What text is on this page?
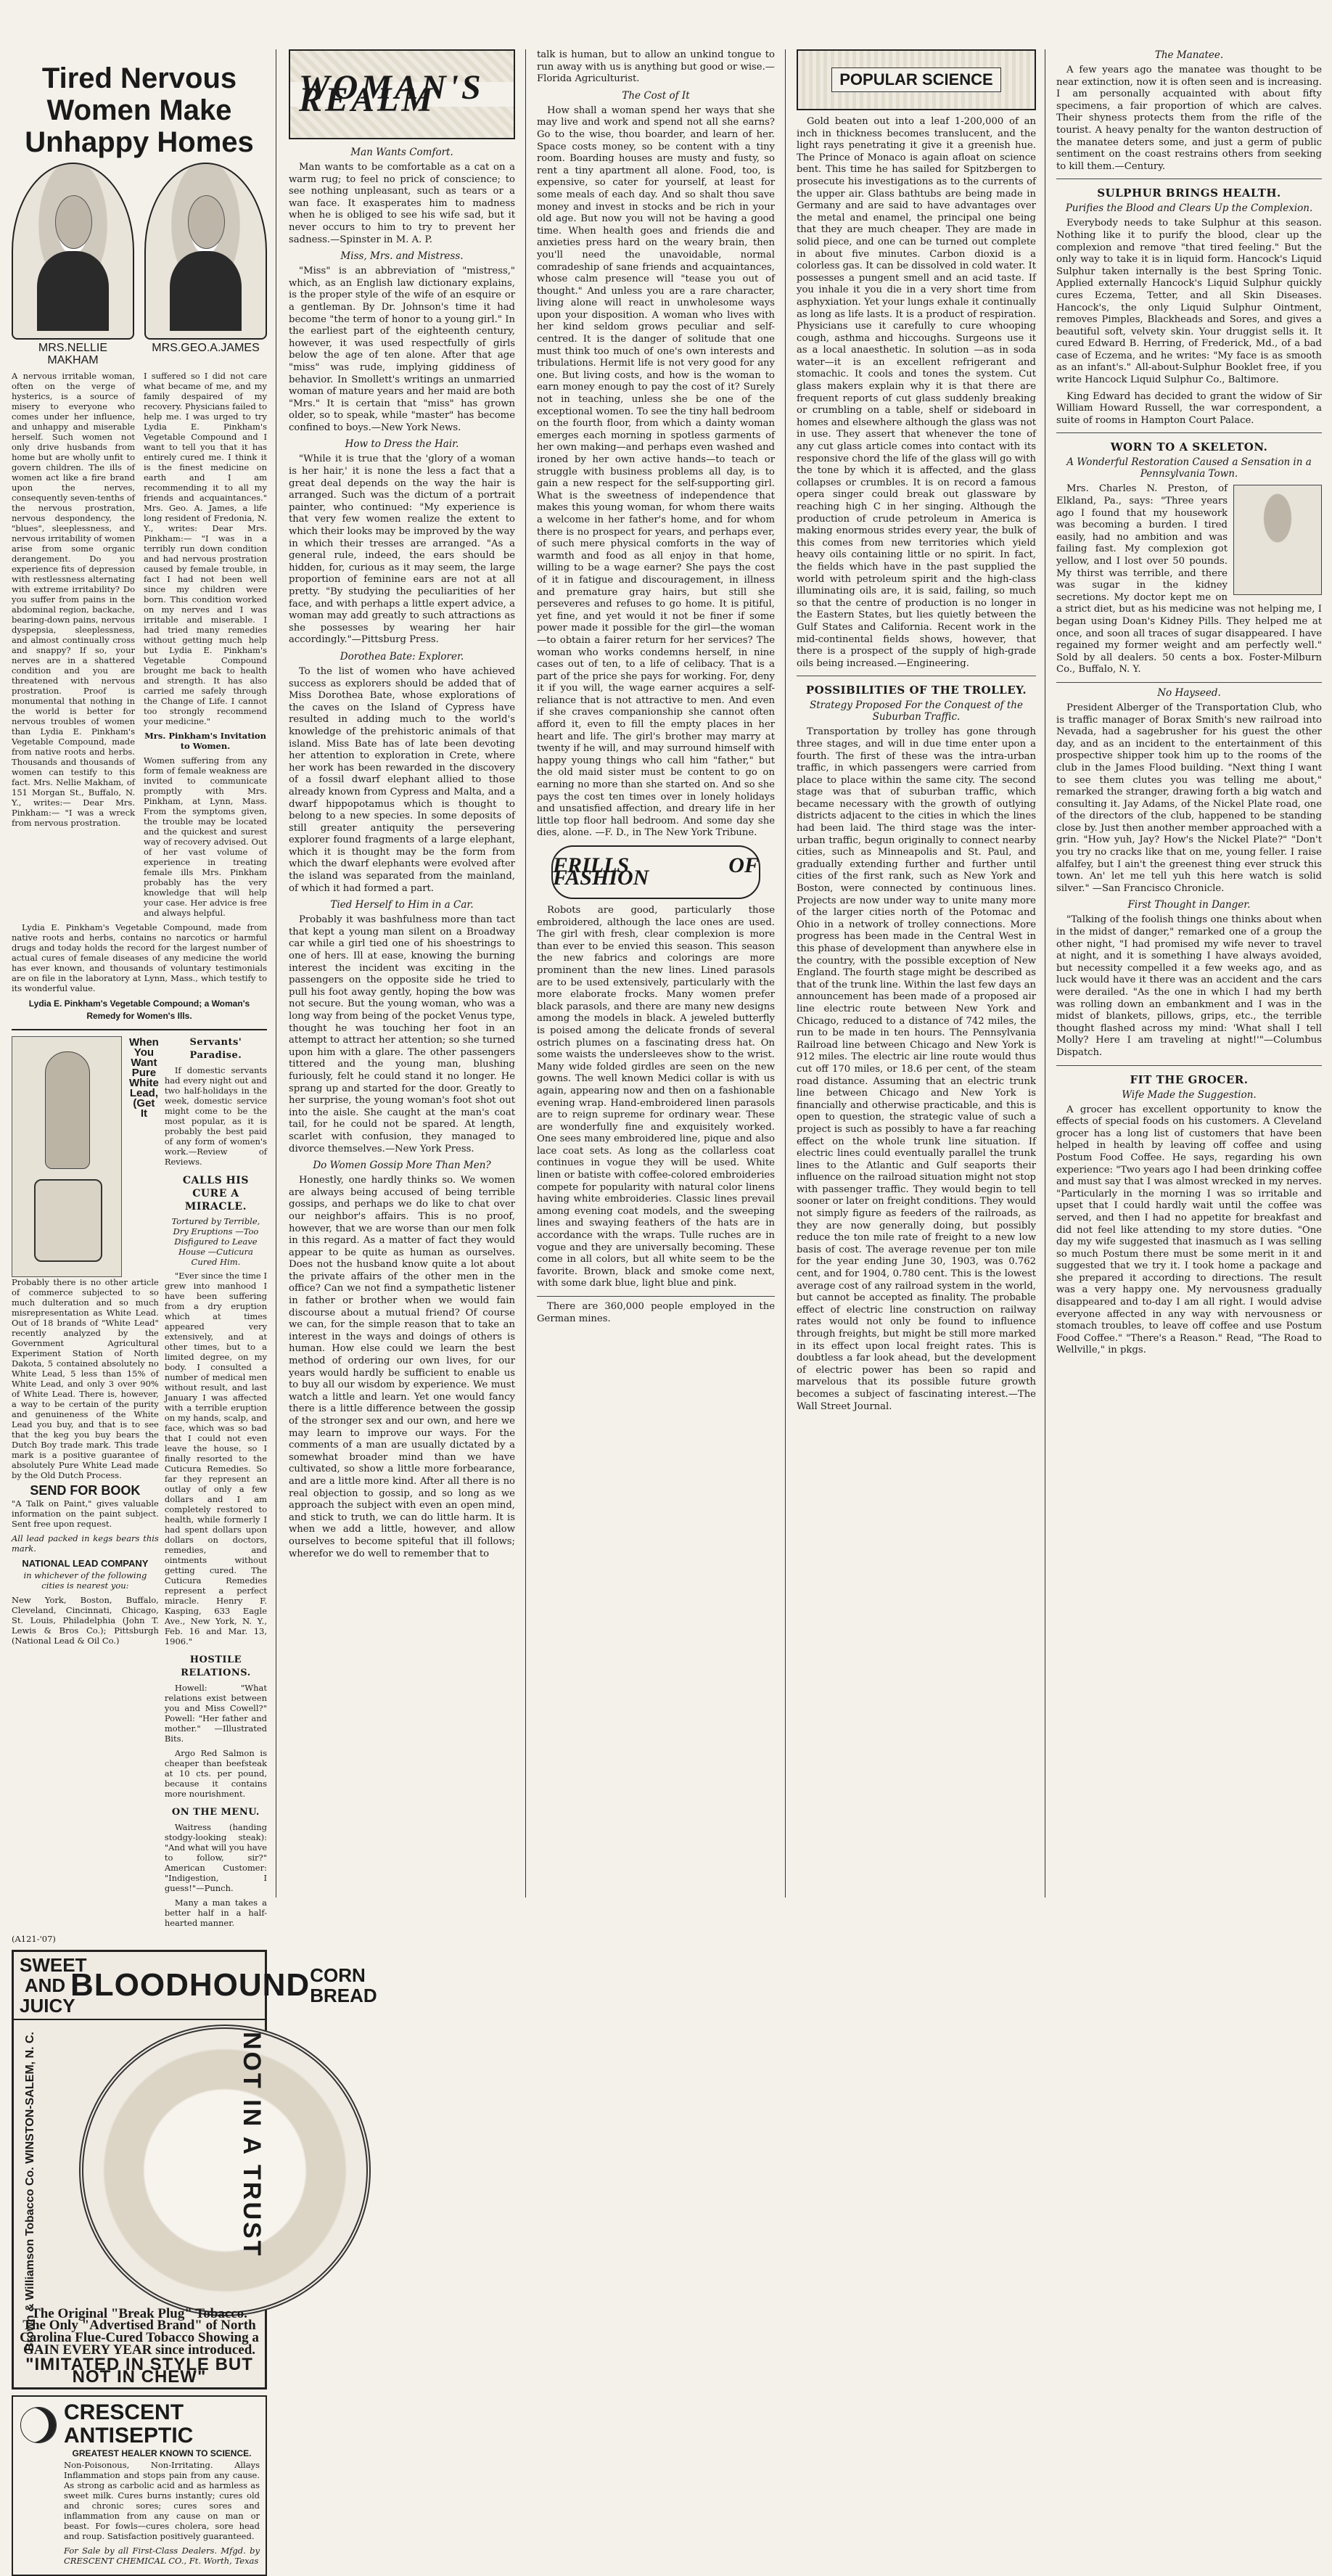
Tired Nervous Women Make Unhappy Homes
MRS.NELLIE MAKHAM
MRS.GEO.A.JAMES

A nervous irritable woman, often on the verge of hysterics, is a source of misery to everyone who comes under her influence, and unhappy and miserable herself. Such women not only drive husbands from home but are wholly unfit to govern children. The ills of women act like a fire brand upon the nerves, consequently seven-tenths of the nervous prostration, nervous despondency, the "blues", sleeplessness, and nervous irritability of women arise from some organic derangement. Do you experience fits of depression with restlessness alternating with extreme irritability? Do you suffer from pains in the abdominal region, backache, bearing-down pains, nervous dyspepsia, sleeplessness, and almost continually cross and snappy? If so, your nerves are in a shattered condition and you are threatened with nervous prostration. Proof is monumental that nothing in the world is better for nervous troubles of women than Lydia E. Pinkham's Vegetable Compound, made from native roots and herbs. Thousands and thousands of women can testify to this fact. Mrs. Nellie Makham, of 151 Morgan St., Buffalo, N. Y., writes:— Dear Mrs. Pinkham:— "I was a wreck from nervous prostration.

I suffered so I did not care what became of me, and my family despaired of my recovery. Physicians failed to help me. I was urged to try Lydia E. Pinkham's Vegetable Compound and I want to tell you that it has entirely cured me. I think it is the finest medicine on earth and I am recommending it to all my friends and acquaintances." Mrs. Geo. A. James, a life long resident of Fredonia, N. Y., writes: Dear Mrs. Pinkham:— "I was in a terribly run down condition and had nervous prostration caused by female trouble, in fact I had not been well since my children were born. This condition worked on my nerves and I was irritable and miserable. I had tried many remedies without getting much help but Lydia E. Pinkham's Vegetable Compound brought me back to health and strength. It has also carried me safely through the Change of Life. I cannot too strongly recommend your medicine."

Mrs. Pinkham's Invitation to Women.

Women suffering from any form of female weakness are invited to communicate promptly with Mrs. Pinkham, at Lynn, Mass. From the symptoms given, the trouble may be located and the quickest and surest way of recovery advised. Out of her vast volume of experience in treating female ills Mrs. Pinkham probably has the very knowledge that will help your case. Her advice is free and always helpful.

Lydia E. Pinkham's Vegetable Compound, made from native roots and herbs, contains no narcotics or harmful drugs and today holds the record for the largest number of actual cures of female diseases of any medicine the world has ever known, and thousands of voluntary testimonials are on file in the laboratory at Lynn, Mass., which testify to its wonderful value.

Lydia E. Pinkham's Vegetable Compound; a Woman's Remedy for Women's Ills.

When You Want Pure White Lead, (Get It

Probably there is no other article of commerce subjected to so much dulteration and so much misrepresentation as White Lead. Out of 18 brands of "White Lead" recently analyzed by the Government Agricultural Experiment Station of North Dakota, 5 contained absolutely no White Lead, 5 less than 15% of White Lead, and only 3 over 90% of White Lead. There is, however, a way to be certain of the purity and genuineness of the White Lead you buy, and that is to see that the keg you buy bears the Dutch Boy trade mark. This trade mark is a positive guarantee of absolutely Pure White Lead made by the Old Dutch Process.

SEND FOR BOOK

"A Talk on Paint," gives valuable information on the paint subject. Sent free upon request.

All lead packed in kegs bears this mark.

NATIONAL LEAD COMPANY

in whichever of the following cities is nearest you:

New York, Boston, Buffalo, Cleveland, Cincinnati, Chicago, St. Louis, Philadelphia (John T. Lewis & Bros Co.); Pittsburgh (National Lead & Oil Co.)

Servants' Paradise.

If domestic servants had every night out and two half-holidays in the week, domestic service might come to be the most popular, as it is probably the best paid of any form of women's work.—Review of Reviews.

CALLS HIS CURE A MIRACLE.
Tortured by Terrible, Dry Eruptions —Too Disfigured to Leave House —Cuticura Cured Him.

"Ever since the time I grew into manhood I have been suffering from a dry eruption which at times appeared very extensively, and at other times, but to a limited degree, on my body. I consulted a number of medical men without result, and last January I was affected with a terrible eruption on my hands, scalp, and face, which was so bad that I could not even leave the house, so I finally resorted to the Cuticura Remedies. So far they represent an outlay of only a few dollars and I am completely restored to health, while formerly I had spent dollars upon dollars on doctors, remedies, and ointments without getting cured. The Cuticura Remedies represent a perfect miracle. Henry F. Kasping, 633 Eagle Ave., New York, N. Y., Feb. 16 and Mar. 13, 1906."

HOSTILE RELATIONS.

Howell: "What relations exist between you and Miss Cowell?" Powell: "Her father and mother." —Illustrated Bits.

Argo Red Salmon is cheaper than beefsteak at 10 cts. per pound, because it contains more nourishment.

ON THE MENU.

Waitress (handing stodgy-looking steak): "And what will you have to follow, sir?" American Customer: "Indigestion, I guess!"—Punch.

Many a man takes a better half in a half-hearted manner.

(A121-'07)
SWEET AND JUICY
BLOODHOUND CORN BREAD
Brown & Williamson Tobacco Co. WINSTON-SALEM, N. C.	NOT IN A TRUST
The Original "Break Plug" Tobacco. The Only "Advertised Brand" of North Carolina Flue-Cured Tobacco Showing a GAIN EVERY YEAR since introduced.
"IMITATED IN STYLE BUT NOT IN CHEW"
CRESCENT ANTISEPTIC
GREATEST HEALER KNOWN TO SCIENCE.

Non-Poisonous, Non-Irritating. Allays Inflammation and stops pain from any cause. As strong as carbolic acid and as harmless as sweet milk. Cures burns instantly; cures old and chronic sores; cures sores and inflammation from any cause on man or beast. For fowls—cures cholera, sore head and roup. Satisfaction positively guaranteed.

For Sale by all First-Class Dealers. Mfgd. by CRESCENT CHEMICAL CO., Ft. Worth, Texas

WOMAN'S REALM
Man Wants Comfort.

Man wants to be comfortable as a cat on a warm rug; to feel no prick of conscience; to see nothing unpleasant, such as tears or a wan face. It exasperates him to madness when he is obliged to see his wife sad, but it never occurs to him to try to prevent her sadness.—Spinster in M. A. P.

Miss, Mrs. and Mistress.

"Miss" is an abbreviation of "mistress," which, as an English law dictionary explains, is the proper style of the wife of an esquire or a gentleman. By Dr. Johnson's time it had become "the term of honor to a young girl." In the earliest part of the eighteenth century, however, it was used respectfully of girls below the age of ten alone. After that age "miss" was rude, implying giddiness of behavior. In Smollett's writings an unmarried woman of mature years and her maid are both "Mrs." It is certain that "miss" has grown older, so to speak, while "master" has become confined to boys.—New York News.

How to Dress the Hair.

"While it is true that the 'glory of a woman is her hair,' it is none the less a fact that a great deal depends on the way the hair is arranged. Such was the dictum of a portrait painter, who continued: "My experience is that very few women realize the extent to which their looks may be improved by the way in which their tresses are arranged. "As a general rule, indeed, the ears should be hidden, for, curious as it may seem, the large proportion of feminine ears are not at all pretty. "By studying the peculiarities of her face, and with perhaps a little expert advice, a woman may add greatly to such attractions as she possesses by wearing her hair accordingly."—Pittsburg Press.

Dorothea Bate: Explorer.

To the list of women who have achieved success as explorers should be added that of Miss Dorothea Bate, whose explorations of the caves on the Island of Cypress have resulted in adding much to the world's knowledge of the prehistoric animals of that island. Miss Bate has of late been devoting her attention to exploration in Crete, where her work has been rewarded in the discovery of a fossil dwarf elephant allied to those already known from Cypress and Malta, and a dwarf hippopotamus which is thought to belong to a new species. In some deposits of still greater antiquity the persevering explorer found fragments of a large elephant, which it is thought may be the form from which the dwarf elephants were evolved after the island was separated from the mainland, of which it had formed a part.

Tied Herself to Him in a Car.

Probably it was bashfulness more than tact that kept a young man silent on a Broadway car while a girl tied one of his shoestrings to one of hers. Ill at ease, knowing the burning interest the incident was exciting in the passengers on the opposite side he tried to pull his foot away gently, hoping the bow was not secure. But the young woman, who was a long way from being of the pocket Venus type, thought he was touching her foot in an attempt to attract her attention; so she turned upon him with a glare. The other passengers tittered and the young man, blushing furiously, felt he could stand it no longer. He sprang up and started for the door. Greatly to her surprise, the young woman's foot shot out into the aisle. She caught at the man's coat tail, for he could not be spared. At length, scarlet with confusion, they managed to divorce themselves.—New York Press.

Do Women Gossip More Than Men?

Honestly, one hardly thinks so. We women are always being accused of being terrible gossips, and perhaps we do like to chat over our neighbor's affairs. This is no proof, however, that we are worse than our men folk in this regard. As a matter of fact they would appear to be quite as human as ourselves. Does not the husband know quite a lot about the private affairs of the other men in the office? Can we not find a sympathetic listener in father or brother when we would fain discourse about a mutual friend? Of course we can, for the simple reason that to take an interest in the ways and doings of others is human. How else could we learn the best method of ordering our own lives, for our years would hardly be sufficient to enable us to buy all our wisdom by experience. We must watch a little and learn. Yet one would fancy there is a little difference between the gossip of the stronger sex and our own, and here we may learn to improve our ways. For the comments of a man are usually dictated by a somewhat broader mind than we have cultivated, so show a little more forbearance, and are a little more kind. After all there is no real objection to gossip, and so long as we approach the subject with even an open mind, and stick to truth, we can do little harm. It is when we add a little, however, and allow ourselves to become spiteful that ill follows; wherefor we do well to remember that to

talk is human, but to allow an unkind tongue to run away with us is anything but good or wise.—Florida Agriculturist.

The Cost of It

How shall a woman spend her ways that she may live and work and spend not all she earns? Go to the wise, thou boarder, and learn of her. Space costs money, so be content with a tiny room. Boarding houses are musty and fusty, so rent a tiny apartment all alone. Food, too, is expensive, so cater for yourself, at least for some meals of each day. And so shalt thou save money and invest in stocks and be rich in your old age. But now you will not be having a good time. When health goes and friends die and anxieties press hard on the weary brain, then you'll need the unavoidable, normal comradeship of sane friends and acquaintances, whose calm presence will "tease you out of thought." And unless you are a rare character, living alone will react in unwholesome ways upon your disposition. A woman who lives with her kind seldom grows peculiar and self-centred. It is the danger of solitude that one must think too much of one's own interests and tribulations. Hermit life is not very good for any one. But living costs, and how is the woman to earn money enough to pay the cost of it? Surely not in teaching, unless she be one of the exceptional women. To see the tiny hall bedroom on the fourth floor, from which a dainty woman emerges each morning in spotless garments of her own making—and perhaps even washed and ironed by her own active hands—to teach or struggle with business problems all day, is to gain a new respect for the self-supporting girl. What is the sweetness of independence that makes this young woman, for whom there waits a welcome in her father's home, and for whom there is no prospect for years, and perhaps ever, of such mere physical comforts in the way of warmth and food as all enjoy in that home, willing to be a wage earner? She pays the cost of it in fatigue and discouragement, in illness and premature gray hairs, but still she perseveres and refuses to go home. It is pitiful, yet fine, and yet would it not be finer if some power made it possible for the girl—the woman—to obtain a fairer return for her services? The woman who works condemns herself, in nine cases out of ten, to a life of celibacy. That is a part of the price she pays for working. For, deny it if you will, the wage earner acquires a self-reliance that is not attractive to men. And even if she craves companionship she cannot often afford it, even to fill the empty places in her heart and life. The girl's brother may marry at twenty if he will, and may surround himself with happy young things who call him "father," but the old maid sister must be content to go on earning no more than she started on. And so she pays the cost ten times over in lonely holidays and unsatisfied affection, and dreary life in her little top floor hall bedroom. And some day she dies, alone. —F. D., in The New York Tribune.

FRILLS OF FASHION

Robots are good, particularly those embroidered, although the lace ones are used. The girl with fresh, clear complexion is more than ever to be envied this season. This season the new fabrics and colorings are more prominent than the new lines. Lined parasols are to be used extensively, particularly with the more elaborate frocks. Many women prefer black parasols, and there are many new designs among the models in black. A jeweled butterfly is poised among the delicate fronds of several ostrich plumes on a fascinating dress hat. On some waists the undersleeves show to the wrist. Many wide folded girdles are seen on the new gowns. The well known Medici collar is with us again, appearing now and then on a fashionable evening wrap. Hand-embroidered linen parasols are to reign supreme for ordinary wear. These are wonderfully fine and exquisitely worked. One sees many embroidered line, pique and also lace coat sets. As long as the collarless coat continues in vogue they will be used. White linen or batiste with coffee-colored embroideries compete for popularity with natural color linens having white embroideries. Classic lines prevail among evening coat models, and the sweeping lines and swaying feathers of the hats are in accordance with the wraps. Tulle ruches are in vogue and they are universally becoming. These come in all colors, but all white seem to be the favorite. Brown, black and smoke come next, with some dark blue, light blue and pink.

There are 360,000 people employed in the German mines.

POPULAR SCIENCE

Gold beaten out into a leaf 1-200,000 of an inch in thickness becomes translucent, and the light rays penetrating it give it a greenish hue. The Prince of Monaco is again afloat on science bent. This time he has sailed for Spitzbergen to prosecute his investigations as to the currents of the upper air. Glass bathtubs are being made in Germany and are said to have advantages over the metal and enamel, the principal one being that they are much cheaper. They are made in solid piece, and one can be turned out complete in about five minutes. Carbon dioxid is a colorless gas. It can be dissolved in cold water. It possesses a pungent smell and an acid taste. If you inhale it you die in a very short time from asphyxiation. Yet your lungs exhale it continually as long as life lasts. It is a product of respiration. Physicians use it carefully to cure whooping cough, asthma and hiccoughs. Surgeons use it as a local anaesthetic. In solution —as in soda water—it is an excellent refrigerant and stomachic. It cools and tones the system. Cut glass makers explain why it is that there are frequent reports of cut glass suddenly breaking or crumbling on a table, shelf or sideboard in homes and elsewhere although the glass was not in use. They assert that whenever the tone of any cut glass article comes into contact with its responsive chord the life of the glass will go with the tone by which it is affected, and the glass collapses or crumbles. It is on record a famous opera singer could break out glassware by reaching high C in her singing. Although the production of crude petroleum in America is making enormous strides every year, the bulk of this comes from new territories which yield heavy oils containing little or no spirit. In fact, the fields which have in the past supplied the world with petroleum spirit and the high-class illuminating oils are, it is said, failing, so much so that the centre of production is no longer in the Eastern States, but lies quietly between the Gulf States and California. Recent work in the mid-continental fields shows, however, that there is a prospect of the supply of high-grade oils being increased.—Engineering.

POSSIBILITIES OF THE TROLLEY.
Strategy Proposed For the Conquest of the Suburban Traffic.

Transportation by trolley has gone through three stages, and will in due time enter upon a fourth. The first of these was the intra-urban traffic, in which passengers were carried from place to place within the same city. The second stage was that of suburban traffic, which became necessary with the growth of outlying districts adjacent to the cities in which the lines had been laid. The third stage was the inter-urban traffic, begun originally to connect nearby cities, such as Minneapolis and St. Paul, and gradually extending further and further until cities of the first rank, such as New York and Boston, were connected by continuous lines. Projects are now under way to unite many more of the larger cities north of the Potomac and Ohio in a network of trolley connections. More progress has been made in the Central West in this phase of development than anywhere else in the country, with the possible exception of New England. The fourth stage might be described as that of the trunk line. Within the last few days an announcement has been made of a proposed air line electric route between New York and Chicago, reduced to a distance of 742 miles, the run to be made in ten hours. The Pennsylvania Railroad line between Chicago and New York is 912 miles. The electric air line route would thus cut off 170 miles, or 18.6 per cent, of the steam road distance. Assuming that an electric trunk line between Chicago and New York is financially and otherwise practicable, and this is open to question, the strategic value of such a project is such as possibly to have a far reaching effect on the whole trunk line situation. If electric lines could eventually parallel the trunk lines to the Atlantic and Gulf seaports their influence on the railroad situation might not stop with passenger traffic. They would begin to tell sooner or later on freight conditions. They would not simply figure as feeders of the railroads, as they are now generally doing, but possibly reduce the ton mile rate of freight to a new low basis of cost. The average revenue per ton mile for the year ending June 30, 1903, was 0.762 cent, and for 1904, 0.780 cent. This is the lowest average cost of any railroad system in the world, but cannot be accepted as finality. The probable effect of electric line construction on railway rates would not only be found to influence through freights, but might be still more marked in its effect upon local freight rates. This is doubtless a far look ahead, but the development of electric power has been so rapid and marvelous that its possible future growth becomes a subject of fascinating interest.—The Wall Street Journal.

The Manatee.

A few years ago the manatee was thought to be near extinction, now it is often seen and is increasing. I am personally acquainted with about fifty specimens, a fair proportion of which are calves. Their shyness protects them from the rifle of the tourist. A heavy penalty for the wanton destruction of the manatee deters some, and just a germ of public sentiment on the coast restrains others from seeking to kill them.—Century.

SULPHUR BRINGS HEALTH.
Purifies the Blood and Clears Up the Complexion.

Everybody needs to take Sulphur at this season. Nothing like it to purify the blood, clear up the complexion and remove "that tired feeling." But the only way to take it is in liquid form. Hancock's Liquid Sulphur taken internally is the best Spring Tonic. Applied externally Hancock's Liquid Sulphur quickly cures Eczema, Tetter, and all Skin Diseases. Hancock's, the only Liquid Sulphur Ointment, removes Pimples, Blackheads and Sores, and gives a beautiful soft, velvety skin. Your druggist sells it. It cured Edward B. Herring, of Frederick, Md., of a bad case of Eczema, and he writes: "My face is as smooth as an infant's." All-about-Sulphur Booklet free, if you write Hancock Liquid Sulphur Co., Baltimore.

King Edward has decided to grant the widow of Sir William Howard Russell, the war correspondent, a suite of rooms in Hampton Court Palace.

WORN TO A SKELETON.
A Wonderful Restoration Caused a Sensation in a Pennsylvania Town.

Mrs. Charles N. Preston, of Elkland, Pa., says: "Three years ago I found that my housework was becoming a burden. I tired easily, had no ambition and was failing fast. My complexion got yellow, and I lost over 50 pounds. My thirst was terrible, and there was sugar in the kidney secretions. My doctor kept me on a strict diet, but as his medicine was not helping me, I began using Doan's Kidney Pills. They helped me at once, and soon all traces of sugar disappeared. I have regained my former weight and am perfectly well." Sold by all dealers. 50 cents a box. Foster-Milburn Co., Buffalo, N. Y.

No Hayseed.

President Alberger of the Transportation Club, who is traffic manager of Borax Smith's new railroad into Nevada, had a sagebrusher for his guest the other day, and as an incident to the entertainment of this prospective shipper took him up to the rooms of the club in the James Flood building. "Next thing I want to see them clutes you was telling me about," remarked the stranger, drawing forth a big watch and consulting it. Jay Adams, of the Nickel Plate road, one of the directors of the club, happened to be standing close by. Just then another member approached with a grin. "How yuh, Jay? How's the Nickel Plate?" "Don't you try no cracks like that on me, young feller. I raise alfalfey, but I ain't the greenest thing ever struck this town. An' let me tell yuh this here watch is solid silver." —San Francisco Chronicle.

First Thought in Danger.

"Talking of the foolish things one thinks about when in the midst of danger," remarked one of a group the other night, "I had promised my wife never to travel at night, and it is something I have always avoided, but necessity compelled it a few weeks ago, and as luck would have it there was an accident and the cars were derailed. "As the one in which I had my berth was rolling down an embankment and I was in the midst of blankets, pillows, grips, etc., the terrible thought flashed across my mind: 'What shall I tell Molly? Here I am traveling at night!'"—Columbus Dispatch.

FIT THE GROCER.
Wife Made the Suggestion.

A grocer has excellent opportunity to know the effects of special foods on his customers. A Cleveland grocer has a long list of customers that have been helped in health by leaving off coffee and using Postum Food Coffee. He says, regarding his own experience: "Two years ago I had been drinking coffee and must say that I was almost wrecked in my nerves. "Particularly in the morning I was so irritable and upset that I could hardly wait until the coffee was served, and then I had no appetite for breakfast and did not feel like attending to my store duties. "One day my wife suggested that inasmuch as I was selling so much Postum there must be some merit in it and suggested that we try it. I took home a package and she prepared it according to directions. The result was a very happy one. My nervousness gradually disappeared and to-day I am all right. I would advise everyone affected in any way with nervousness or stomach troubles, to leave off coffee and use Postum Food Coffee." "There's a Reason." Read, "The Road to Wellville," in pkgs.
